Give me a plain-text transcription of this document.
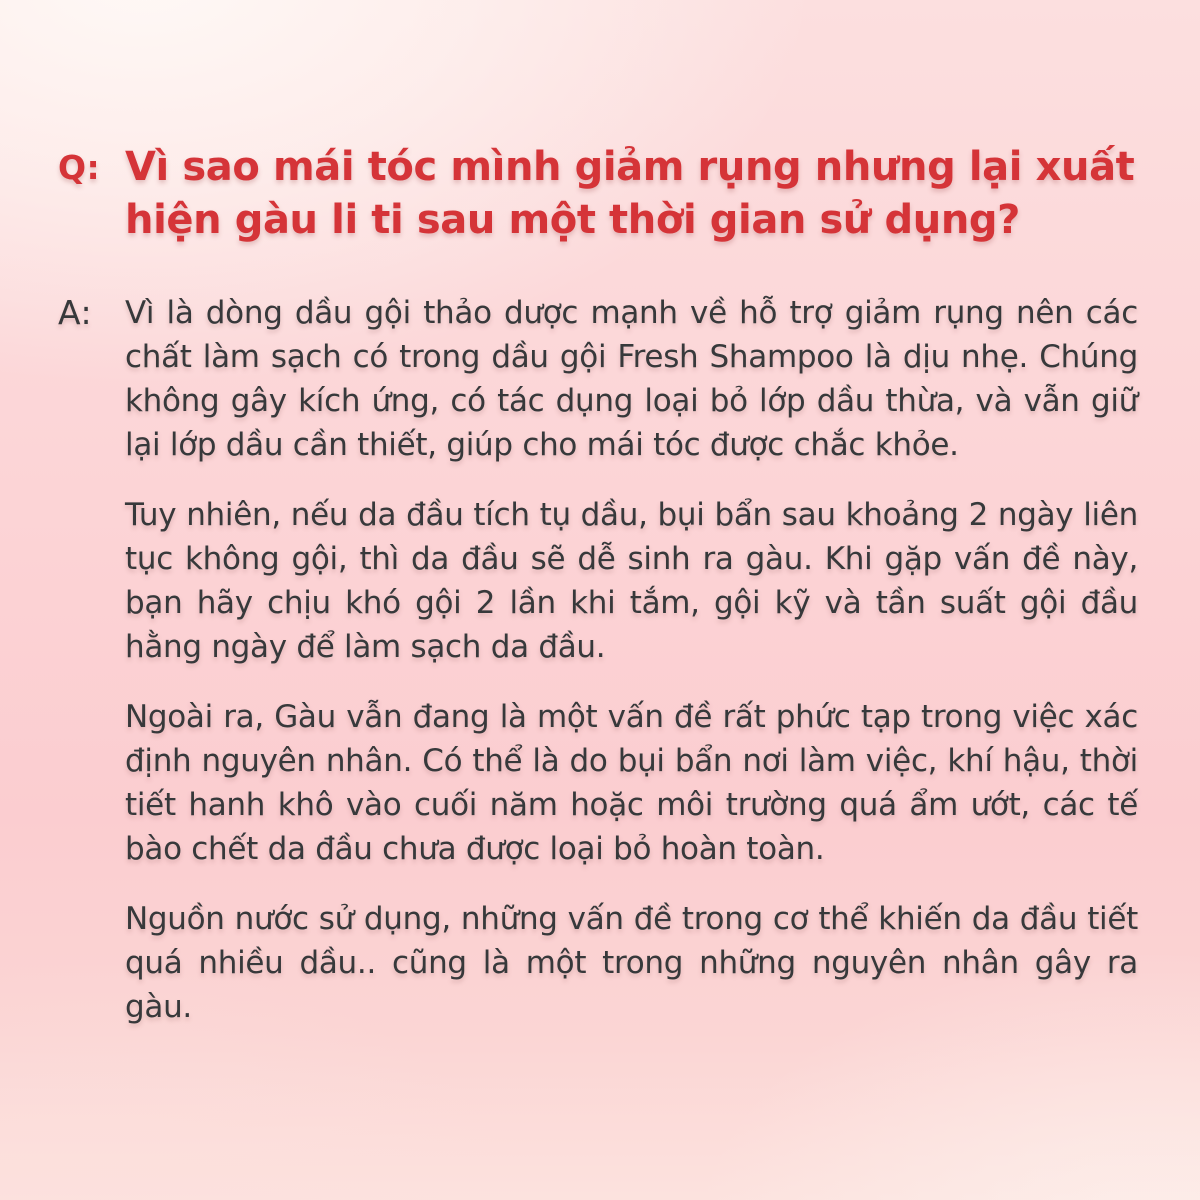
Q: Vì sao mái tóc mình giảm rụng nhưng lại xuất hiện gàu li ti sau một thời gian sử dụng?
A:	Vì là dòng dầu gội thảo dược mạnh về hỗ trợ giảm rụng nên các chất làm sạch có trong dầu gội Fresh Shampoo là dịu nhẹ. Chúng không gây kích ứng, có tác dụng loại bỏ lớp dầu thừa, và vẫn giữ lại lớp dầu cần thiết, giúp cho mái tóc được chắc khỏe.

Tuy nhiên, nếu da đầu tích tụ dầu, bụi bẩn sau khoảng 2 ngày liên tục không gội, thì da đầu sẽ dễ sinh ra gàu. Khi gặp vấn đề này, bạn hãy chịu khó gội 2 lần khi tắm, gội kỹ và tần suất gội đầu hằng ngày để làm sạch da đầu.

Ngoài ra, Gàu vẫn đang là một vấn đề rất phức tạp trong việc xác định nguyên nhân. Có thể là do bụi bẩn nơi làm việc, khí hậu, thời tiết hanh khô vào cuối năm hoặc môi trường quá ẩm ướt, các tế bào chết da đầu chưa được loại bỏ hoàn toàn.

Nguồn nước sử dụng, những vấn đề trong cơ thể khiến da đầu tiết quá nhiều dầu.. cũng là một trong những nguyên nhân gây ra gàu.
